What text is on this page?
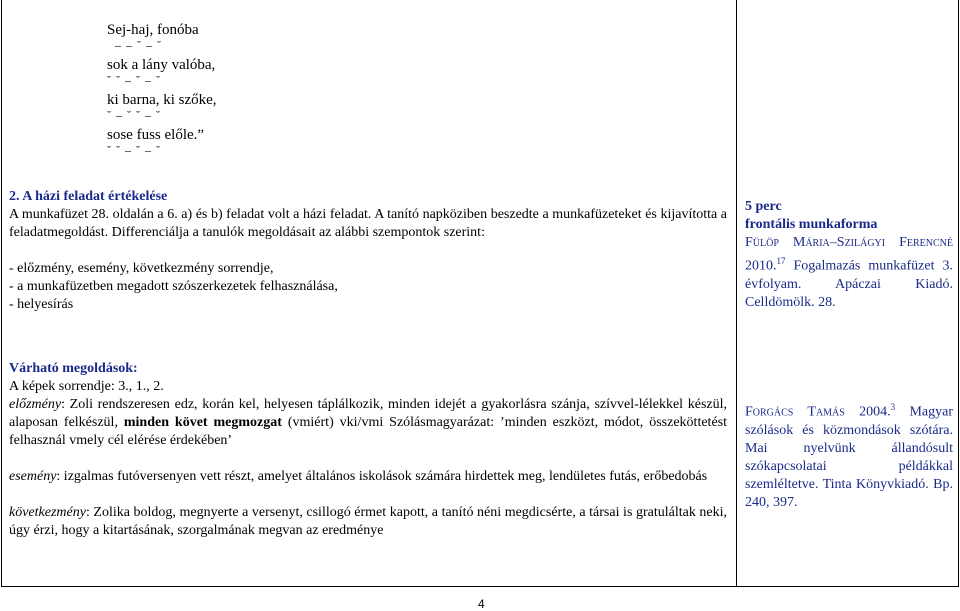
Sej-haj, fonóba
– – ˘ – ˘
sok a lány valóba,
˘ ˘ – ˘ – ˘
ki barna, ki szőke,
˘ – ˘ ˘ – ˘
sose fuss előle.”
˘ ˘ – ˘ – ˘
2. A házi feladat értékelése
A munkafüzet 28. oldalán a 6. a) és b) feladat volt a házi feladat. A tanító napköziben beszedte a munkafüzeteket és kijavította a feladatmegoldást. Differenciálja a tanulók megoldásait az alábbi szempontok szerint:
- előzmény, esemény, következmény sorrendje,
- a munkafüzetben megadott szószerkezetek felhasználása,
- helyesírás
5 perc
frontális munkaforma
Fülöp Mária–Szilágyi Ferencné 2010.17 Fogalmazás munkafüzet 3. évfolyam. Apáczai Kiadó. Celldömölk. 28.
Várható megoldások:
A képek sorrendje: 3., 1., 2.
előzmény: Zoli rendszeresen edz, korán kel, helyesen táplálkozik, minden idejét a gyakorlásra szánja, szívvel-lélekkel készül, alaposan felkészül, minden követ megmozgat (vmiért) vki/vmi Szólásmagyarázat: ’minden eszközt, módot, összeköttetést felhasznál vmely cél elérése érdekében’
esemény: izgalmas futóversenyen vett részt, amelyet általános iskolások számára hirdettek meg, lendületes futás, erőbedobás
következmény: Zolika boldog, megnyerte a versenyt, csillogó érmet kapott, a tanító néni megdicsérte, a társai is gratuláltak neki, úgy érzi, hogy a kitartásának, szorgalmának megvan az eredménye
Forgács Tamás 2004.$^3$ Magyar szólások és közmondások szótára. Mai nyelvünk állandósult szókapcsolatai példákkal szemléltetve. Tinta Könyvkiadó. Bp. 240, 397.
4
